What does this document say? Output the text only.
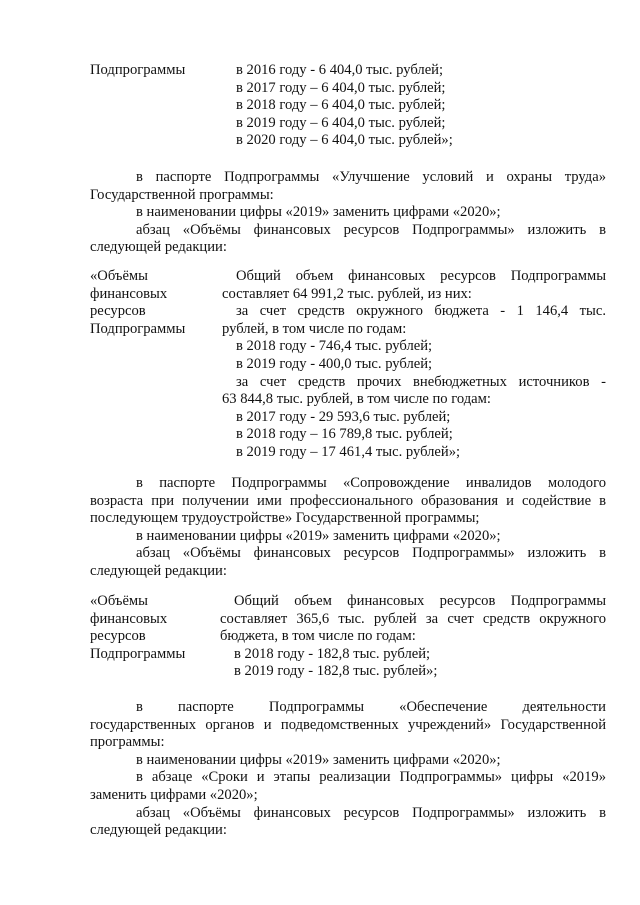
Подпрограммы	в 2016 году - 6 404,0 тыс. рублей;
в 2017 году – 6 404,0 тыс. рублей;
в 2018 году – 6 404,0 тыс. рублей;
в 2019 году – 6 404,0 тыс. рублей;
в 2020 году – 6 404,0 тыс. рублей»;
в паспорте Подпрограммы «Улучшение условий и охраны труда»
Государственной программы:
в наименовании цифры «2019» заменить цифрами «2020»;
абзац «Объёмы финансовых ресурсов Подпрограммы» изложить в
следующей редакции:
«Объёмы
финансовых
ресурсов
Подпрограммы
Общий объем финансовых ресурсов Подпрограммы
составляет 64 991,2 тыс. рублей, из них:
за счет средств окружного бюджета - 1 146,4 тыс.
рублей, в том числе по годам:
в 2018 году - 746,4 тыс. рублей;
в 2019 году - 400,0 тыс. рублей;
за счет средств прочих внебюджетных источников -
63 844,8 тыс. рублей, в том числе по годам:
в 2017 году - 29 593,6 тыс. рублей;
в 2018 году – 16 789,8 тыс. рублей;
в 2019 году – 17 461,4 тыс. рублей»;
в паспорте Подпрограммы «Сопровождение инвалидов молодого
возраста при получении ими профессионального образования и содействие в
последующем трудоустройстве» Государственной программы;
в наименовании цифры «2019» заменить цифрами «2020»;
абзац «Объёмы финансовых ресурсов Подпрограммы» изложить в
следующей редакции:
«Объёмы
финансовых
ресурсов
Подпрограммы
Общий объем финансовых ресурсов Подпрограммы
составляет 365,6 тыс. рублей за счет средств окружного
бюджета, в том числе по годам:
в 2018 году - 182,8 тыс. рублей;
в 2019 году - 182,8 тыс. рублей»;
в паспорте Подпрограммы «Обеспечение деятельности
государственных органов и подведомственных учреждений» Государственной
программы:
в наименовании цифры «2019» заменить цифрами «2020»;
в абзаце «Сроки и этапы реализации Подпрограммы» цифры «2019»
заменить цифрами «2020»;
абзац «Объёмы финансовых ресурсов Подпрограммы» изложить в
следующей редакции:
